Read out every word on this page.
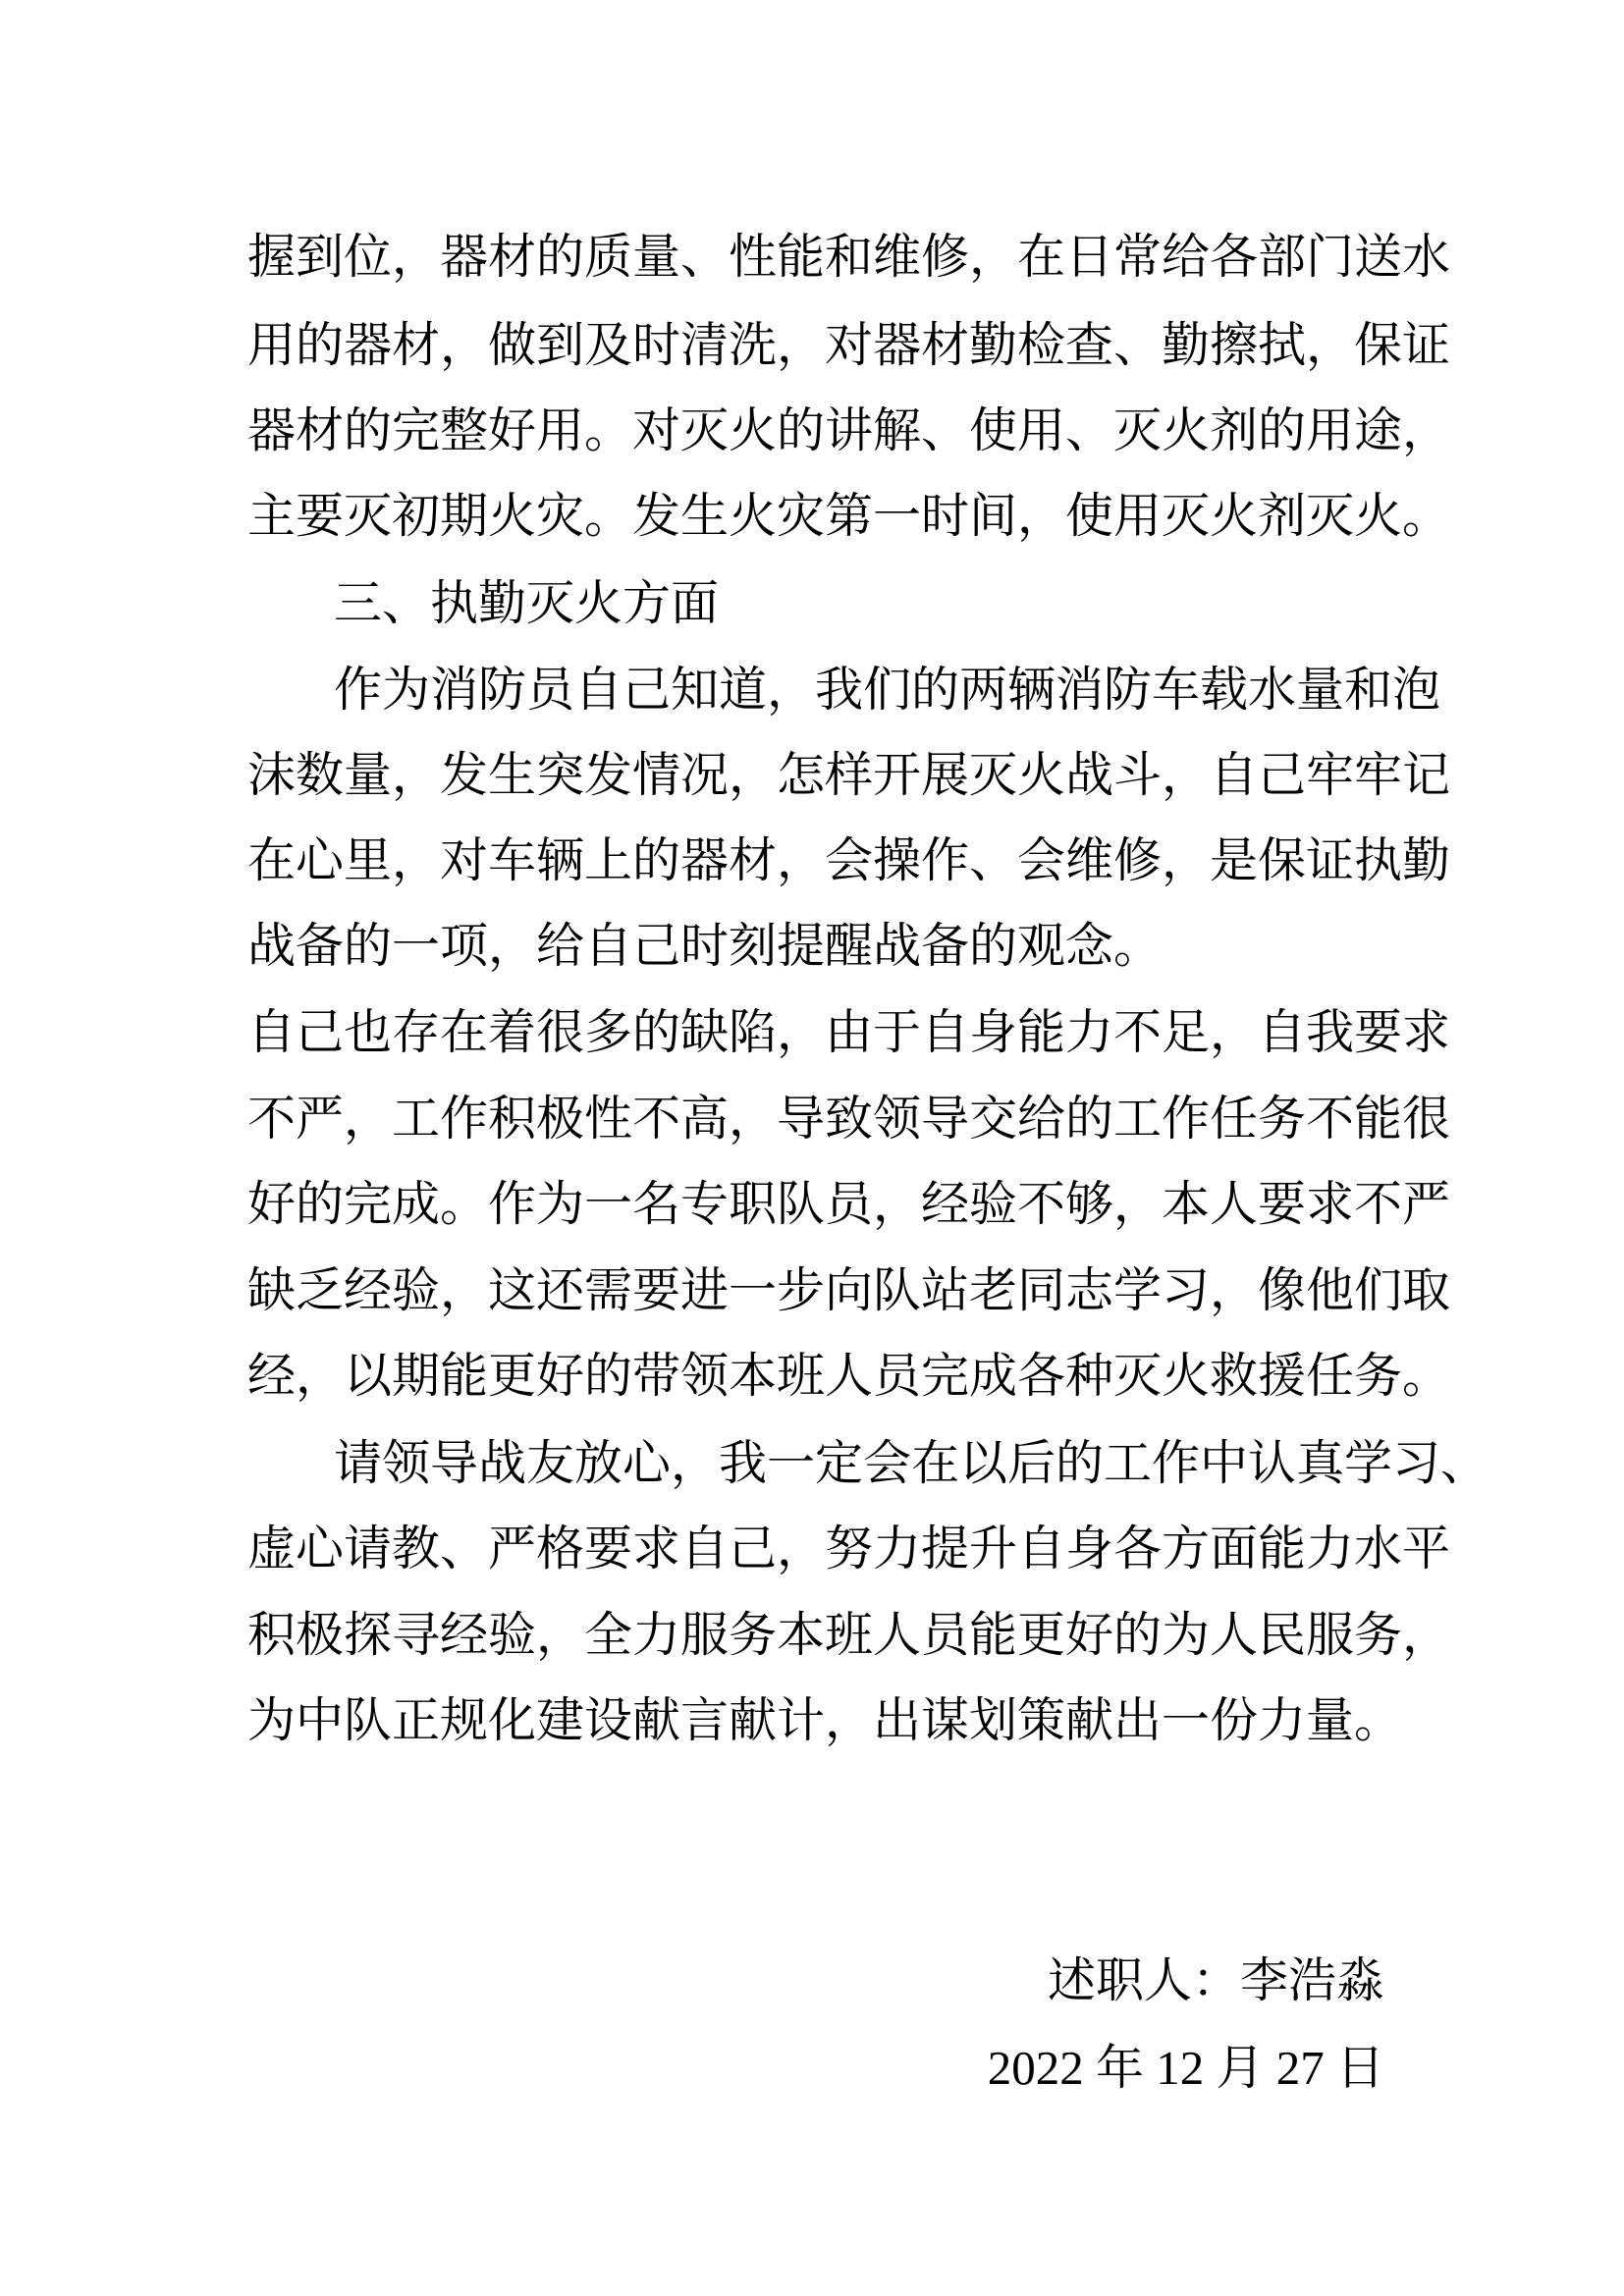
握到位，器材的质量、性能和维修，在日常给各部门送水
用的器材，做到及时清洗，对器材勤检查、勤擦拭，保证
器材的完整好用。对灭火的讲解、使用、灭火剂的用途，
主要灭初期火灾。发生火灾第一时间，使用灭火剂灭火。
三、执勤灭火方面
作为消防员自己知道，我们的两辆消防车载水量和泡
沫数量，发生突发情况，怎样开展灭火战斗，自己牢牢记
在心里，对车辆上的器材，会操作、会维修，是保证执勤
战备的一项，给自己时刻提醒战备的观念。
自己也存在着很多的缺陷，由于自身能力不足，自我要求
不严，工作积极性不高，导致领导交给的工作任务不能很
好的完成。作为一名专职队员，经验不够，本人要求不严
缺乏经验，这还需要进一步向队站老同志学习，像他们取
经，以期能更好的带领本班人员完成各种灭火救援任务。
请领导战友放心，我一定会在以后的工作中认真学习、
虚心请教、严格要求自己，努力提升自身各方面能力水平
积极探寻经验，全力服务本班人员能更好的为人民服务，
为中队正规化建设献言献计，出谋划策献出一份力量。
述职人：李浩淼
2022 年 12 月 27 日
